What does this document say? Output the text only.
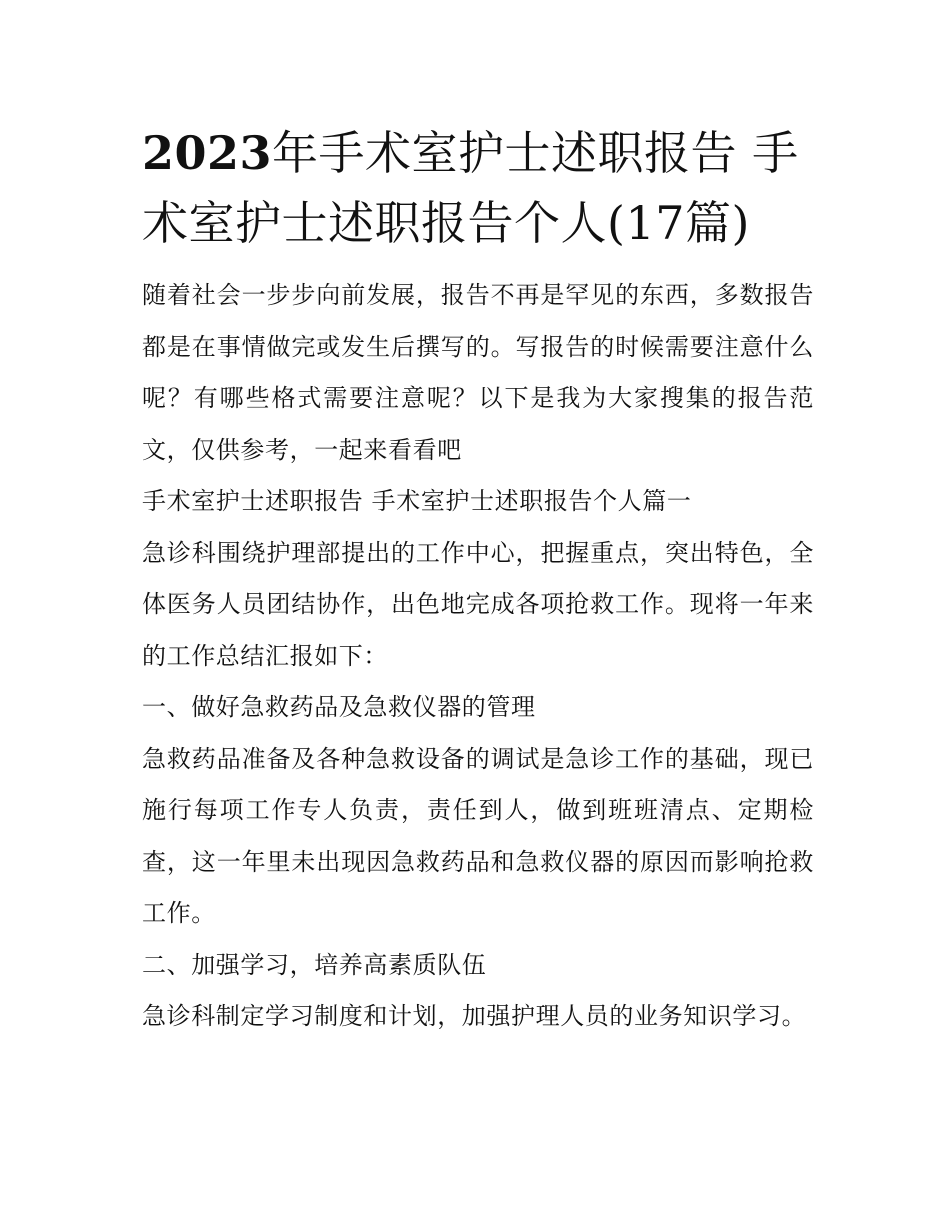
2023年手术室护士述职报告 手术室护士述职报告个人(17篇)

随着社会一步步向前发展，报告不再是罕见的东西，多数报告都是在事情做完或发生后撰写的。写报告的时候需要注意什么呢？有哪些格式需要注意呢？以下是我为大家搜集的报告范文，仅供参考，一起来看看吧

手术室护士述职报告 手术室护士述职报告个人篇一

急诊科围绕护理部提出的工作中心，把握重点，突出特色，全体医务人员团结协作，出色地完成各项抢救工作。现将一年来的工作总结汇报如下：

一、做好急救药品及急救仪器的管理

急救药品准备及各种急救设备的调试是急诊工作的基础，现已施行每项工作专人负责，责任到人，做到班班清点、定期检查，这一年里未出现因急救药品和急救仪器的原因而影响抢救工作。

二、加强学习，培养高素质队伍

急诊科制定学习制度和计划，加强护理人员的业务知识学习。
